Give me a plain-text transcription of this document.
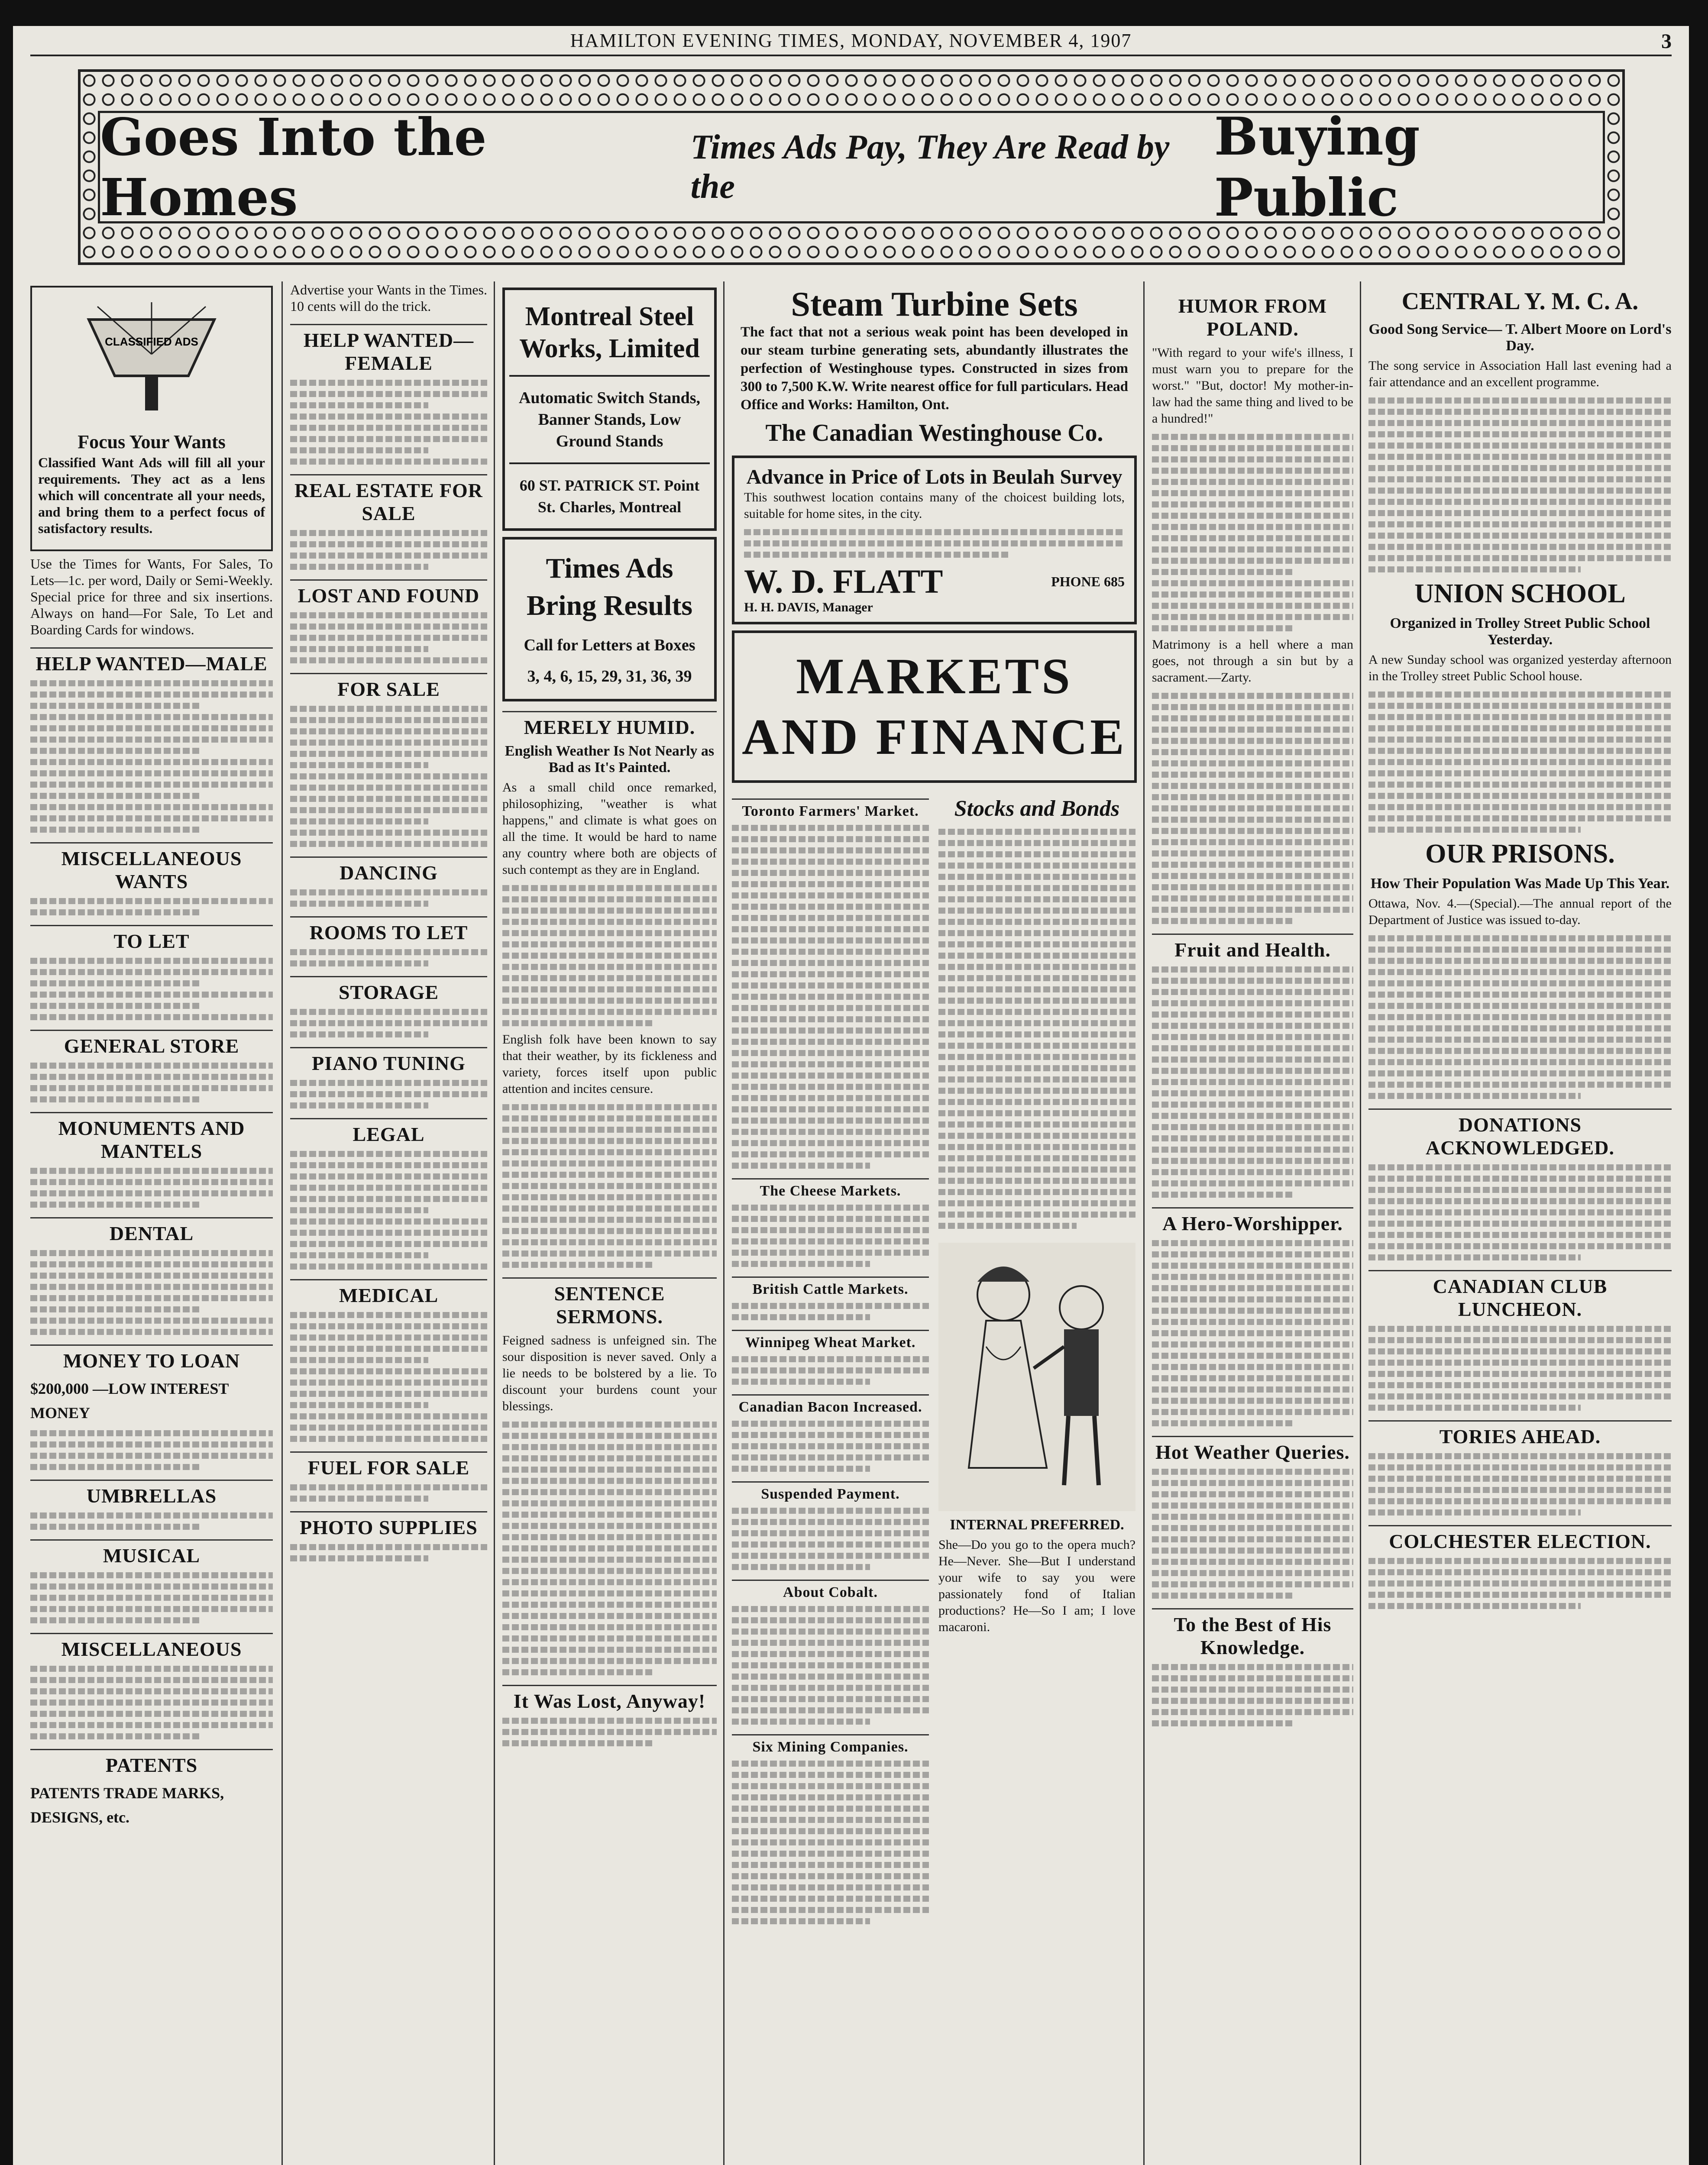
HAMILTON EVENING TIMES, MONDAY, NOVEMBER 4, 1907	3
Goes Into the Homes
Times Ads Pay, They Are Read by the
Buying Public
CLASSIFIED ADS
Focus Your Wants

Classified Want Ads will fill all your requirements. They act as a lens which will concentrate all your needs, and bring them to a perfect focus of satisfactory results.

Use the Times for Wants, For Sales, To Lets—1c. per word, Daily or Semi-Weekly. Special price for three and six insertions. Always on hand—For Sale, To Let and Boarding Cards for windows.

HELP WANTED—MALE
MISCELLANEOUS WANTS
TO LET
GENERAL STORE
MONUMENTS AND MANTELS
DENTAL
MONEY TO LOAN
$200,000 —LOW INTEREST MONEY
UMBRELLAS
MUSICAL
MISCELLANEOUS
PATENTS
PATENTS TRADE MARKS, DESIGNS, etc.

Advertise your Wants in the Times. 10 cents will do the trick.

HELP WANTED—FEMALE
REAL ESTATE FOR SALE
LOST AND FOUND
FOR SALE
DANCING
ROOMS TO LET
STORAGE
PIANO TUNING
LEGAL
MEDICAL
FUEL FOR SALE
PHOTO SUPPLIES
Montreal Steel Works, Limited
Automatic Switch Stands, Banner Stands, Low Ground Stands
60 ST. PATRICK ST. Point St. Charles, Montreal
Times Ads Bring Results
Call for Letters at Boxes
3, 4, 6, 15, 29, 31, 36, 39
MERELY HUMID.
English Weather Is Not Nearly as Bad as It's Painted.

As a small child once remarked, philosophizing, "weather is what happens," and climate is what goes on all the time. It would be hard to name any country where both are objects of such contempt as they are in England.

English folk have been known to say that their weather, by its fickleness and variety, forces itself upon public attention and incites censure.

SENTENCE SERMONS.

Feigned sadness is unfeigned sin. The sour disposition is never saved. Only a lie needs to be bolstered by a lie. To discount your burdens count your blessings.

It Was Lost, Anyway!
Steam Turbine Sets

The fact that not a serious weak point has been developed in our steam turbine generating sets, abundantly illustrates the perfection of Westinghouse types. Constructed in sizes from 300 to 7,500 K.W. Write nearest office for full particulars. Head Office and Works: Hamilton, Ont.

The Canadian Westinghouse Co.
Advance in Price of Lots in Beulah Survey

This southwest location contains many of the choicest building lots, suitable for home sites, in the city.

W. D. FLATT	PHONE 685
H. H. DAVIS, Manager
MARKETS AND FINANCE
Toronto Farmers' Market.
The Cheese Markets.
British Cattle Markets.
Winnipeg Wheat Market.
Canadian Bacon Increased.
Suspended Payment.
About Cobalt.
Six Mining Companies.
Stocks and Bonds
INTERNAL PREFERRED.

She—Do you go to the opera much? He—Never. She—But I understand your wife to say you were passionately fond of Italian productions? He—So I am; I love macaroni.

HUMOR FROM POLAND.

"With regard to your wife's illness, I must warn you to prepare for the worst." "But, doctor! My mother-in-law had the same thing and lived to be a hundred!"

Matrimony is a hell where a man goes, not through a sin but by a sacrament.—Zarty.

Fruit and Health.
A Hero-Worshipper.
Hot Weather Queries.
To the Best of His Knowledge.
CENTRAL Y. M. C. A.
Good Song Service— T. Albert Moore on Lord's Day.

The song service in Association Hall last evening had a fair attendance and an excellent programme.

UNION SCHOOL
Organized in Trolley Street Public School Yesterday.

A new Sunday school was organized yesterday afternoon in the Trolley street Public School house.

OUR PRISONS.
How Their Population Was Made Up This Year.

Ottawa, Nov. 4.—(Special).—The annual report of the Department of Justice was issued to-day.

DONATIONS ACKNOWLEDGED.
CANADIAN CLUB LUNCHEON.
TORIES AHEAD.
COLCHESTER ELECTION.
